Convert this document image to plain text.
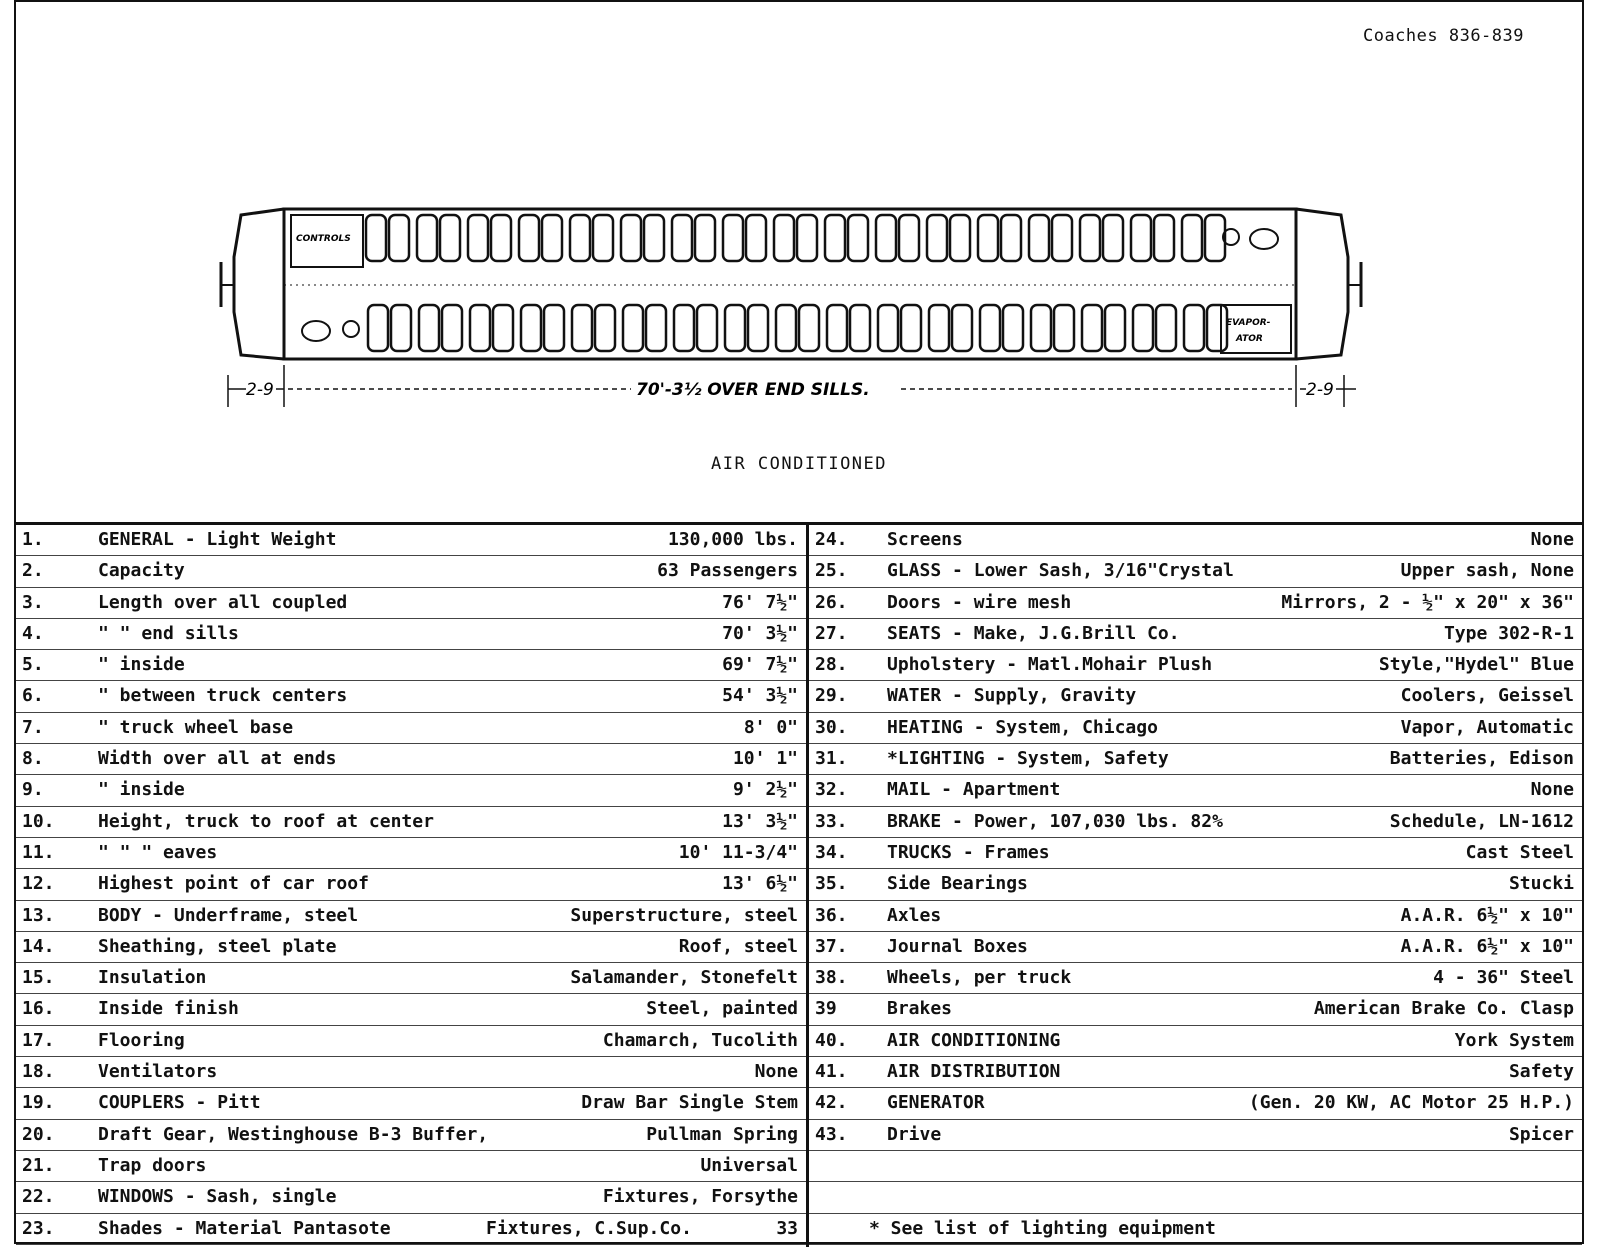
Coaches 836-839
CONTROLS
EVAPOR-
ATOR
2-9	70'-3½ OVER END SILLS.	2-9
AIR CONDITIONED
1.	GENERAL - Light Weight	130,000 lbs.
2.	Capacity	63 Passengers
3.	Length over all coupled	76' 7½"
4.	" " end sills	70' 3½"
5.	" inside	69' 7½"
6.	" between truck centers	54' 3½"
7.	" truck wheel base	8' 0"
8.	Width over all at ends	10' 1"
9.	" inside	9' 2½"
10. Height, truck to roof at center	13' 3½"
11. " " " eaves	10' 11-3/4"
12. Highest point of car roof	13' 6½"
13. BODY - Underframe, steel	Superstructure, steel
14. Sheathing, steel plate	Roof, steel
15. Insulation	Salamander, Stonefelt
16. Inside finish	Steel, painted
17. Flooring	Chamarch, Tucolith
18. Ventilators	None
19. COUPLERS - Pitt	Draw Bar Single Stem
20. Draft Gear, Westinghouse B-3 Buffer,	Pullman Spring
21. Trap doors	Universal
22. WINDOWS - Sash, single	Fixtures, Forsythe
23. Shades - Material Pantasote	Fixtures, C.Sup.Co.	33
24. Screens	None
25. GLASS - Lower Sash, 3/16"Crystal	Upper sash, None
26. Doors - wire mesh	Mirrors, 2 - ½" x 20" x 36"
27. SEATS - Make, J.G.Brill Co.	Type 302-R-1
28. Upholstery - Matl.Mohair Plush	Style,"Hydel" Blue
29. WATER - Supply, Gravity	Coolers, Geissel
30. HEATING - System, Chicago	Vapor, Automatic
31. *LIGHTING - System, Safety	Batteries, Edison
32. MAIL - Apartment	None
33. BRAKE - Power, 107,030 lbs. 82%	Schedule, LN-1612
34. TRUCKS - Frames	Cast Steel
35. Side Bearings	Stucki
36. Axles	A.A.R. 6½" x 10"
37. Journal Boxes	A.A.R. 6½" x 10"
38. Wheels, per truck	4 - 36" Steel
39	Brakes	American Brake Co. Clasp
40. AIR CONDITIONING	York System
41. AIR DISTRIBUTION	Safety
42. GENERATOR	(Gen. 20 KW, AC Motor 25 H.P.)
43. Drive	Spicer
* See list of lighting equipment
